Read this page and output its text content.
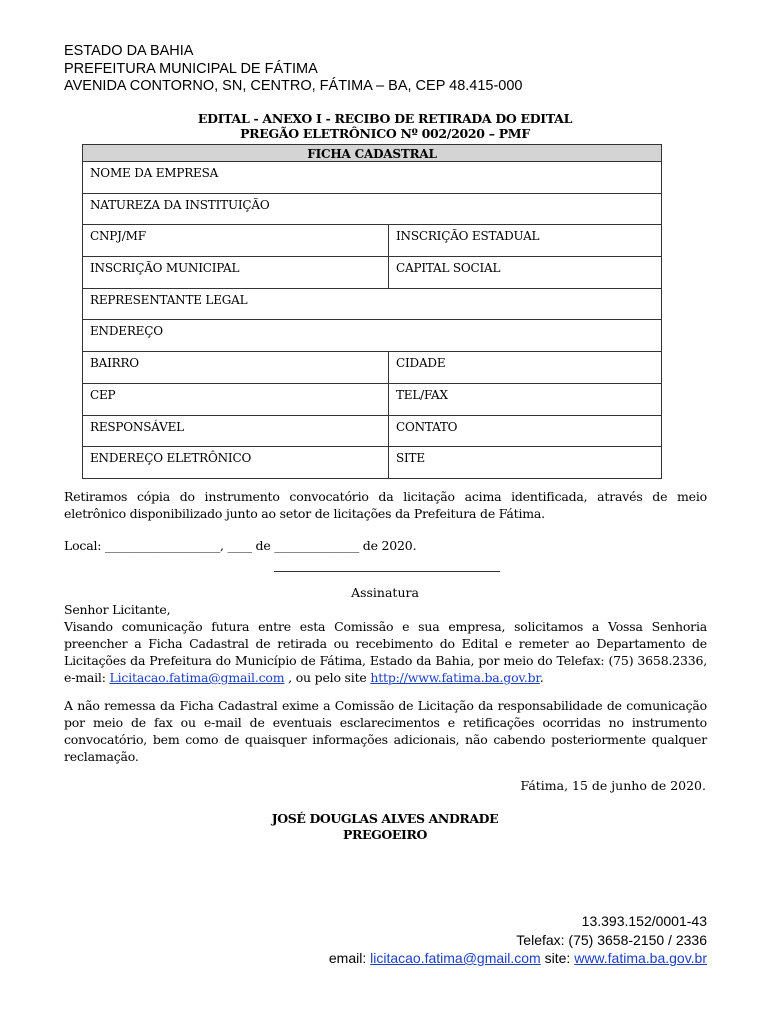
ESTADO DA BAHIA
PREFEITURA MUNICIPAL DE FÁTIMA
AVENIDA CONTORNO, SN, CENTRO, FÁTIMA – BA, CEP 48.415-000
EDITAL - ANEXO I - RECIBO DE RETIRADA DO EDITAL
PREGÃO ELETRÔNICO Nº 002/2020 – PMF
FICHA CADASTRAL	
NOME DA EMPRESA	
NATUREZA DA INSTITUIÇÃO	
CNPJ/MF	INSCRIÇÃO ESTADUAL
INSCRIÇÃO MUNICIPAL	CAPITAL SOCIAL
REPRESENTANTE LEGAL	
ENDEREÇO	
BAIRRO	CIDADE
CEP	TEL/FAX
RESPONSÁVEL	CONTATO
ENDEREÇO ELETRÔNICO	SITE

Retiramos cópia do instrumento convocatório da licitação acima identificada, através de meio eletrônico disponibilizado junto ao setor de licitações da Prefeitura de Fátima.

Local: ___________________, ____ de ______________ de 2020.

Assinatura

Senhor Licitante,

Visando comunicação futura entre esta Comissão e sua empresa, solicitamos a Vossa Senhoria preencher a Ficha Cadastral de retirada ou recebimento do Edital e remeter ao Departamento de Licitações da Prefeitura do Município de Fátima, Estado da Bahia, por meio do Telefax: (75) 3658.2336, e-mail: Licitacao.fatima@gmail.com , ou pelo site http://www.fatima.ba.gov.br.

A não remessa da Ficha Cadastral exime a Comissão de Licitação da responsabilidade de comunicação por meio de fax ou e-mail de eventuais esclarecimentos e retificações ocorridas no instrumento convocatório, bem como de quaisquer informações adicionais, não cabendo posteriormente qualquer reclamação.

Fátima, 15 de junho de 2020.
JOSÉ DOUGLAS ALVES ANDRADE
PREGOEIRO
13.393.152/0001-43
Telefax: (75) 3658-2150 / 2336
email: licitacao.fatima@gmail.com site: www.fatima.ba.gov.br
